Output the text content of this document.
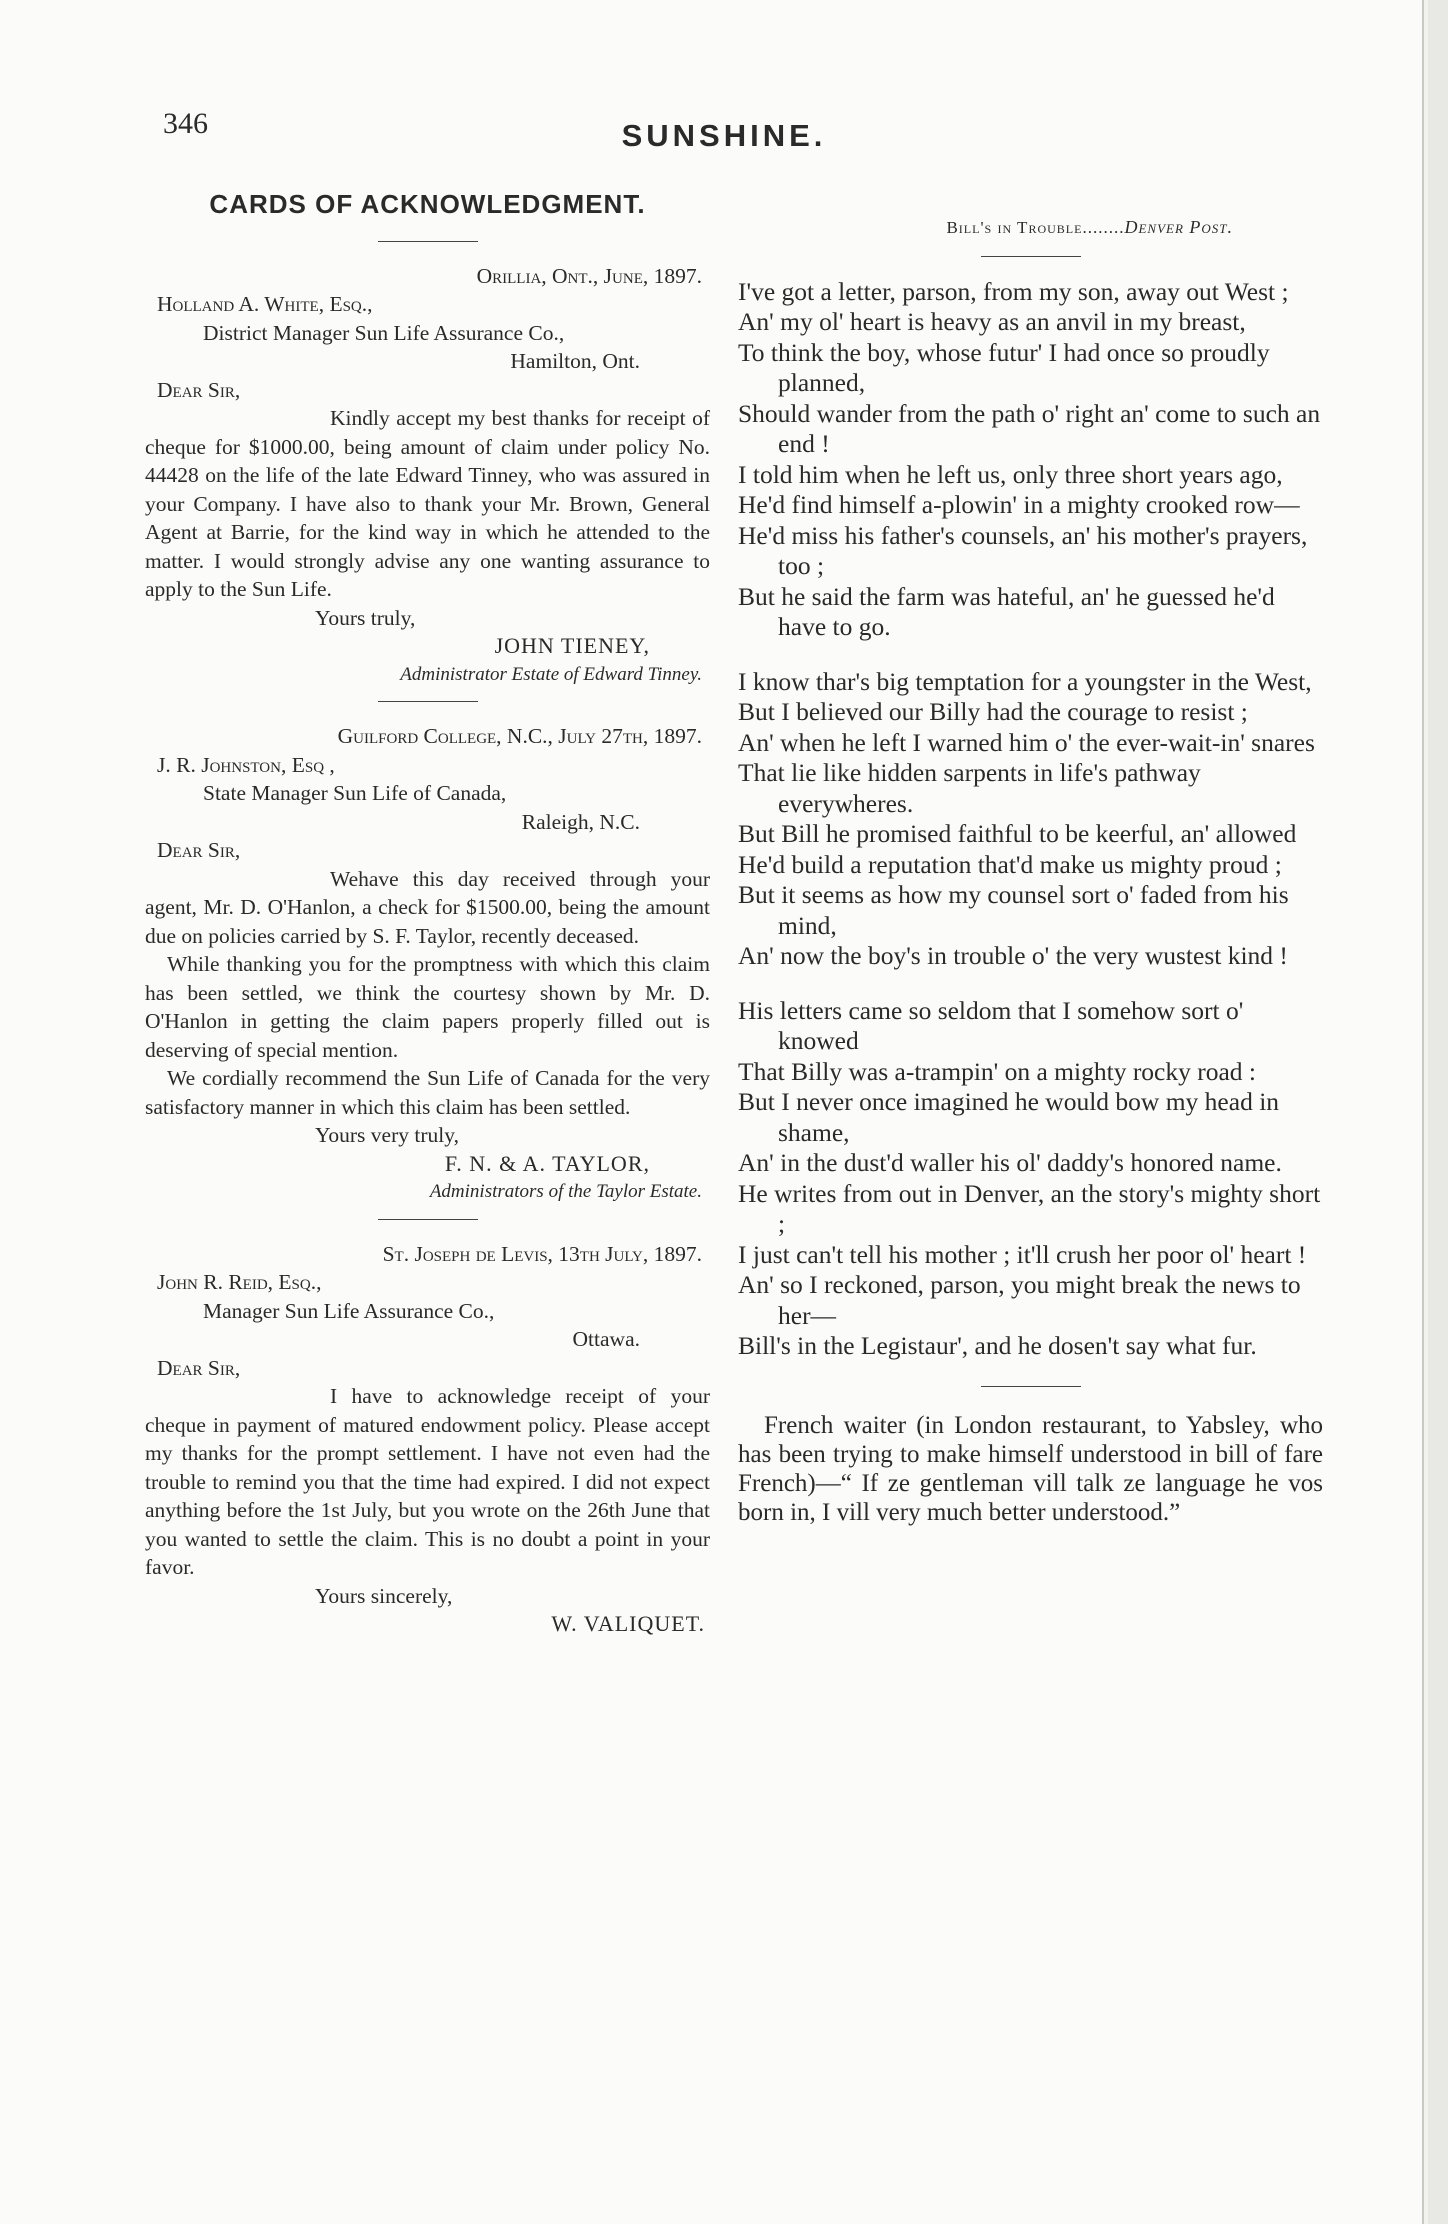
346	SUNSHINE.
CARDS OF ACKNOWLEDGMENT.
Orillia, Ont., June, 1897.
Holland A. White, Esq.,
District Manager Sun Life Assurance Co.,
Hamilton, Ont.
Dear Sir,

Kindly accept my best thanks for receipt of cheque for $1000.00, being amount of claim under policy No. 44428 on the life of the late Edward Tinney, who was assured in your Company. I have also to thank your Mr. Brown, General Agent at Barrie, for the kind way in which he attended to the matter. I would strongly advise any one wanting assurance to apply to the Sun Life.

Yours truly,
JOHN TIENEY,
Administrator Estate of Edward Tinney.
Guilford College, N.C., July 27th, 1897.
J. R. Johnston, Esq ,
State Manager Sun Life of Canada,
Raleigh, N.C.
Dear Sir,

Wehave this day received through your agent, Mr. D. O'Hanlon, a check for $1500.00, being the amount due on policies carried by S. F. Taylor, recently deceased.

While thanking you for the promptness with which this claim has been settled, we think the courtesy shown by Mr. D. O'Hanlon in getting the claim papers properly filled out is deserving of special mention.

We cordially recommend the Sun Life of Canada for the very satisfactory manner in which this claim has been settled.

Yours very truly,
F. N. & A. TAYLOR,
Administrators of the Taylor Estate.
St. Joseph de Levis, 13th July, 1897.
John R. Reid, Esq.,
Manager Sun Life Assurance Co.,
Ottawa.
Dear Sir,

I have to acknowledge receipt of your cheque in payment of matured endowment policy. Please accept my thanks for the prompt settlement. I have not even had the trouble to remind you that the time had expired. I did not expect anything before the 1st July, but you wrote on the 26th June that you wanted to settle the claim. This is no doubt a point in your favor.

Yours sincerely,
W. VALIQUET.
Bill's in Trouble........Denver Post.
I've got a letter, parson, from my son, away out West ;
An' my ol' heart is heavy as an anvil in my breast,
To think the boy, whose futur' I had once so proudly planned,
Should wander from the path o' right an' come to such an end !
I told him when he left us, only three short years ago,
He'd find himself a-plowin' in a mighty crooked row—
He'd miss his father's counsels, an' his mother's prayers, too ;
But he said the farm was hateful, an' he guessed he'd have to go.
I know thar's big temptation for a youngster in the West,
But I believed our Billy had the courage to resist ;
An' when he left I warned him o' the ever-wait-in' snares
That lie like hidden sarpents in life's pathway everywheres.
But Bill he promised faithful to be keerful, an' allowed
He'd build a reputation that'd make us mighty proud ;
But it seems as how my counsel sort o' faded from his mind,
An' now the boy's in trouble o' the very wustest kind !
His letters came so seldom that I somehow sort o' knowed
That Billy was a-trampin' on a mighty rocky road :
But I never once imagined he would bow my head in shame,
An' in the dust'd waller his ol' daddy's honored name.
He writes from out in Denver, an the story's mighty short ;
I just can't tell his mother ; it'll crush her poor ol' heart !
An' so I reckoned, parson, you might break the news to her—
Bill's in the Legistaur', and he dosen't say what fur.
French waiter (in London restaurant, to Yabsley, who has been trying to make himself understood in bill of fare French)—“ If ze gentleman vill talk ze language he vos born in, I vill very much better understood.”
